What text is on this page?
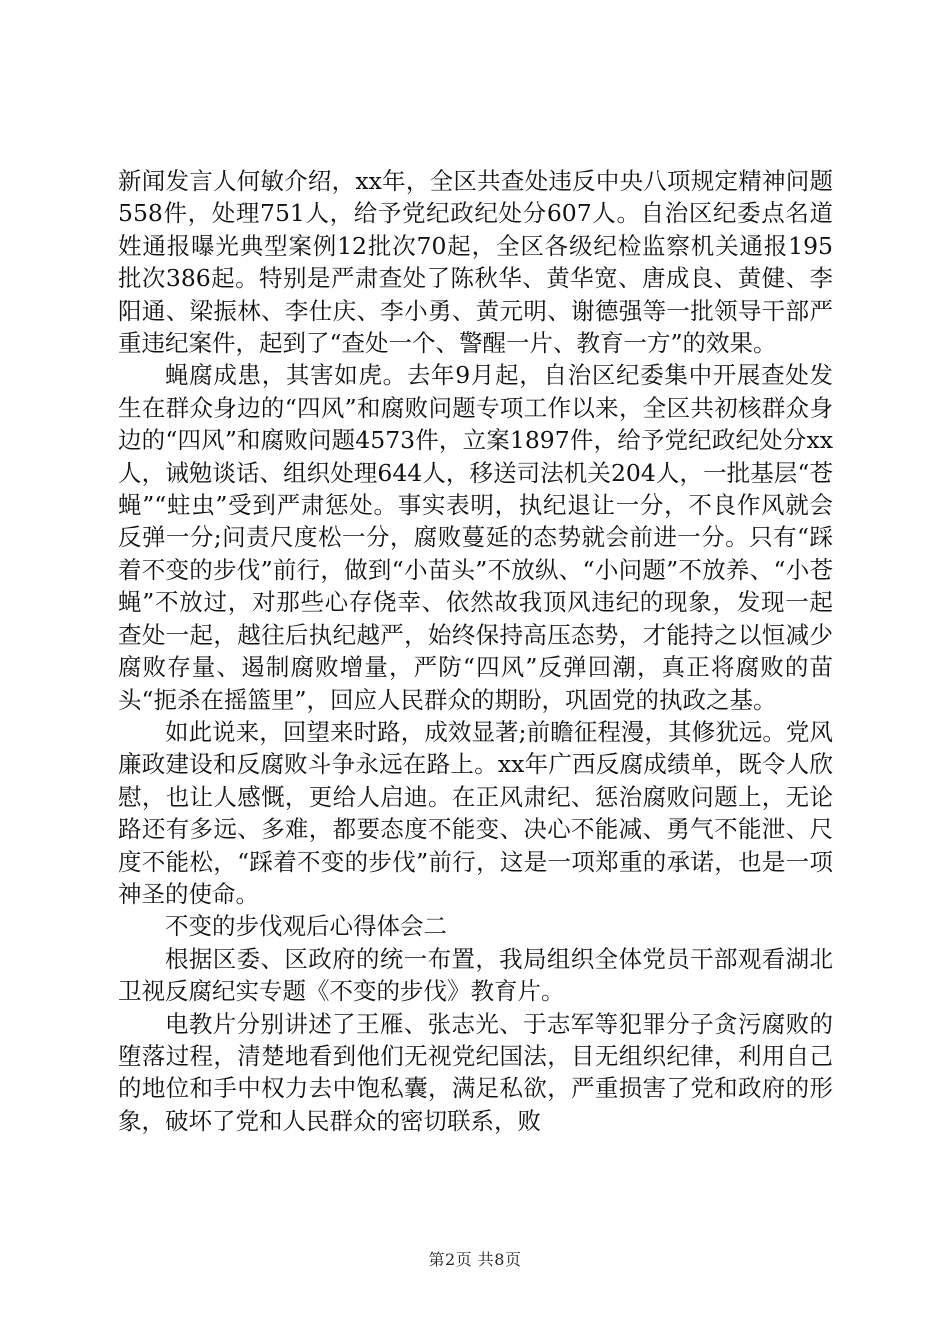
新闻发言人何敏介绍，xx年，全区共查处违反中央八项规定精神问题558件，处理751人，给予党纪政纪处分607人。自治区纪委点名道姓通报曝光典型案例12批次70起，全区各级纪检监察机关通报195批次386起。特别是严肃查处了陈秋华、黄华宽、唐成良、黄健、李阳通、梁振林、李仕庆、李小勇、黄元明、谢德强等一批领导干部严重违纪案件，起到了“查处一个、警醒一片、教育一方”的效果。

蝇腐成患，其害如虎。去年9月起，自治区纪委集中开展查处发生在群众身边的“四风”和腐败问题专项工作以来，全区共初核群众身边的“四风”和腐败问题4573件，立案1897件，给予党纪政纪处分xx人，诫勉谈话、组织处理644人，移送司法机关204人，一批基层“苍蝇”“蛀虫”受到严肃惩处。事实表明，执纪退让一分，不良作风就会反弹一分;问责尺度松一分，腐败蔓延的态势就会前进一分。只有“踩着不变的步伐”前行，做到“小苗头”不放纵、“小问题”不放养、“小苍蝇”不放过，对那些心存侥幸、依然故我顶风违纪的现象，发现一起查处一起，越往后执纪越严，始终保持高压态势，才能持之以恒减少腐败存量、遏制腐败增量，严防“四风”反弹回潮，真正将腐败的苗头“扼杀在摇篮里”，回应人民群众的期盼，巩固党的执政之基。

如此说来，回望来时路，成效显著;前瞻征程漫，其修犹远。党风廉政建设和反腐败斗争永远在路上。xx年广西反腐成绩单，既令人欣慰，也让人感慨，更给人启迪。在正风肃纪、惩治腐败问题上，无论路还有多远、多难，都要态度不能变、决心不能减、勇气不能泄、尺度不能松，“踩着不变的步伐”前行，这是一项郑重的承诺，也是一项神圣的使命。

不变的步伐观后心得体会二

根据区委、区政府的统一布置，我局组织全体党员干部观看湖北卫视反腐纪实专题《不变的步伐》教育片。

电教片分别讲述了王雁、张志光、于志军等犯罪分子贪污腐败的堕落过程，清楚地看到他们无视党纪国法，目无组织纪律，利用自己的地位和手中权力去中饱私囊，满足私欲，严重损害了党和政府的形象，破坏了党和人民群众的密切联系，败

第2页 共8页
